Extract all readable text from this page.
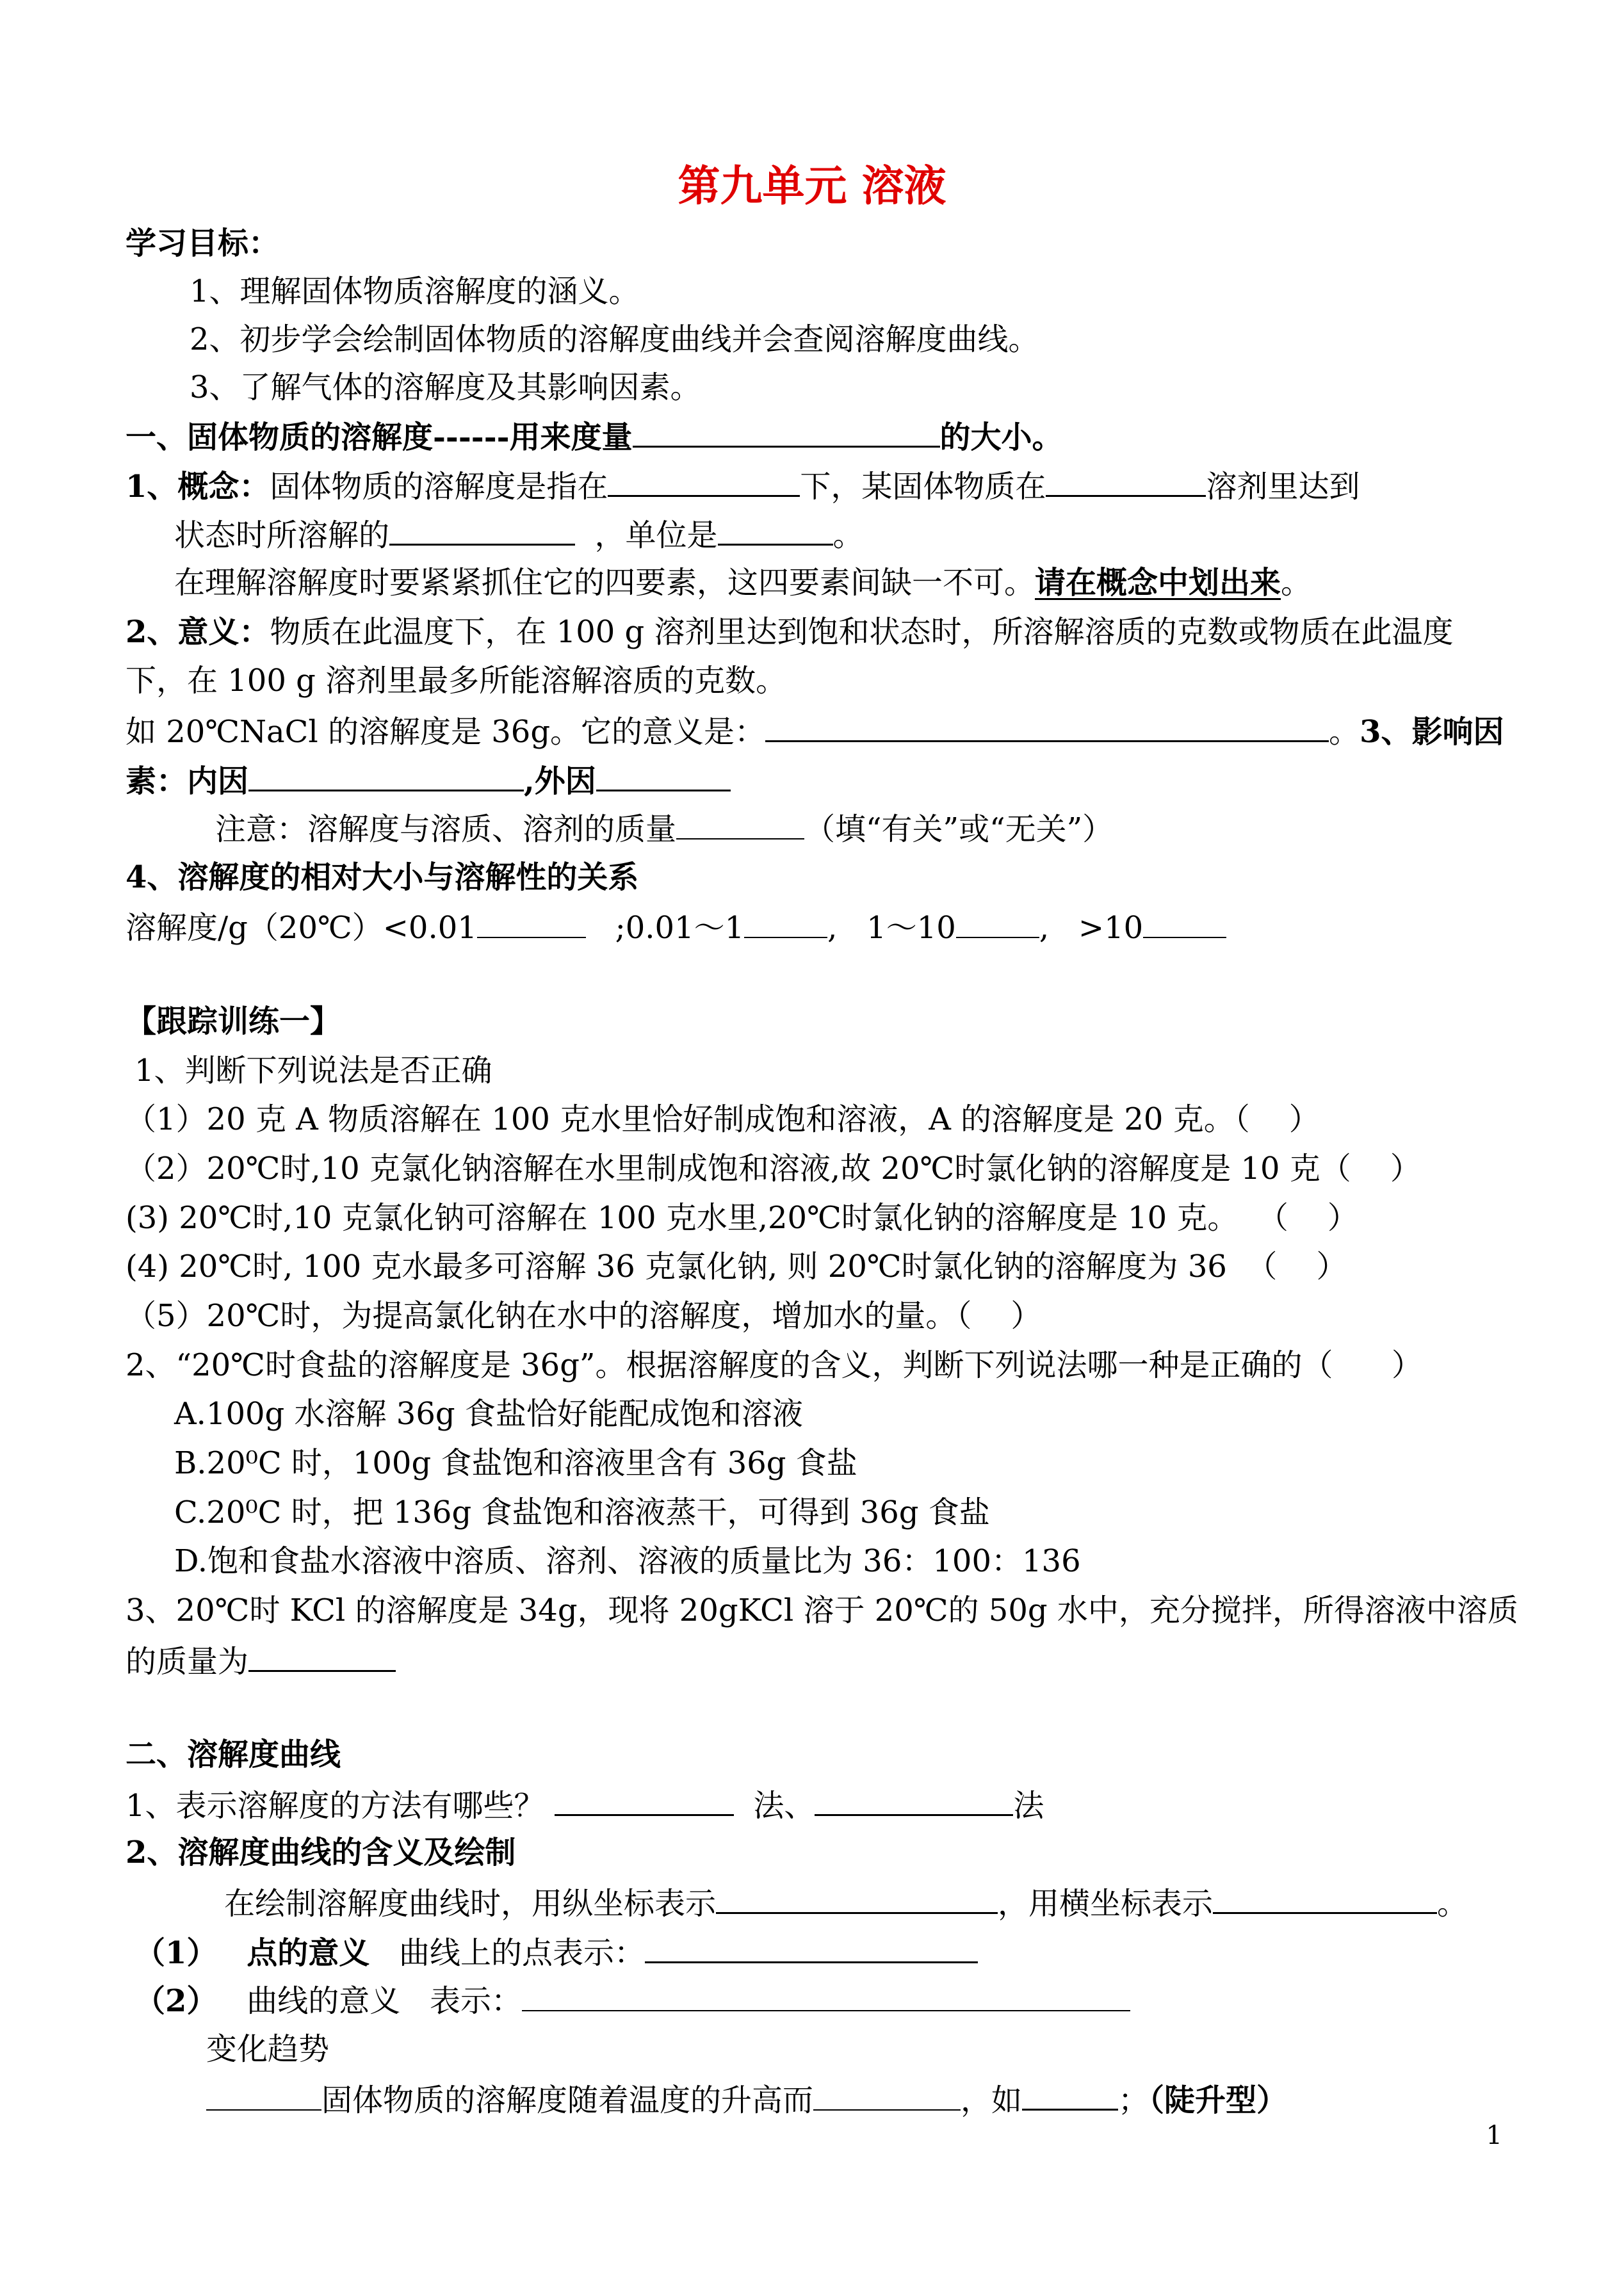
第九单元 溶液
学习目标：
1、理解固体物质溶解度的涵义。
2、初步学会绘制固体物质的溶解度曲线并会查阅溶解度曲线。
3、了解气体的溶解度及其影响因素。
一、固体物质的溶解度------用来度量	的大小。
1、概念：固体物质的溶解度是指在	下，某固体物质在	溶剂里达到
状态时所溶解的	，单位是	。
在理解溶解度时要紧紧抓住它的四要素，这四要素间缺一不可。请在概念中划出来。
2、意义：物质在此温度下，在 100 g 溶剂里达到饱和状态时，所溶解溶质的克数或物质在此温度
下，在 100 g 溶剂里最多所能溶解溶质的克数。
如 20℃NaCl 的溶解度是 36g。它的意义是：	。3、影响因
素：内因	,外因
注意：溶解度与溶质、溶剂的质量	（填“有关”或“无关”）
4、溶解度的相对大小与溶解性的关系
溶解度/g（20℃）<0.01	;0.01～1	,   1～10	,   >10
【跟踪训练一】
1、判断下列说法是否正确
（1）20 克 A 物质溶解在 100 克水里恰好制成饱和溶液，A 的溶解度是 20 克。（    ）
（2）20℃时,10 克氯化钠溶解在水里制成饱和溶液,故 20℃时氯化钠的溶解度是 10 克（    ）
(3) 20℃时,10 克氯化钠可溶解在 100 克水里,20℃时氯化钠的溶解度是 10 克。  （    ）
(4) 20℃时, 100 克水最多可溶解 36 克氯化钠, 则 20℃时氯化钠的溶解度为 36  （    ）
（5）20℃时，为提高氯化钠在水中的溶解度，增加水的量。（    ）
2、“20℃时食盐的溶解度是 36g”。根据溶解度的含义，判断下列说法哪一种是正确的（      ）
A.100g 水溶解 36g 食盐恰好能配成饱和溶液
B.20⁰C 时，100g 食盐饱和溶液里含有 36g 食盐
C.20⁰C 时，把 136g 食盐饱和溶液蒸干，可得到 36g 食盐
D.饱和食盐水溶液中溶质、溶剂、溶液的质量比为 36：100：136
3、20℃时 KCl 的溶解度是 34g，现将 20gKCl 溶于 20℃的 50g 水中，充分搅拌，所得溶液中溶质
的质量为
二、溶解度曲线
1、表示溶解度的方法有哪些？	法、	法
2、溶解度曲线的含义及绘制
在绘制溶解度曲线时，用纵坐标表示	，用横坐标表示	。
（1） 点的意义 曲线上的点表示：
（2） 曲线的意义 表示：
变化趋势
固体物质的溶解度随着温度的升高而	，如	；（陡升型）
1
